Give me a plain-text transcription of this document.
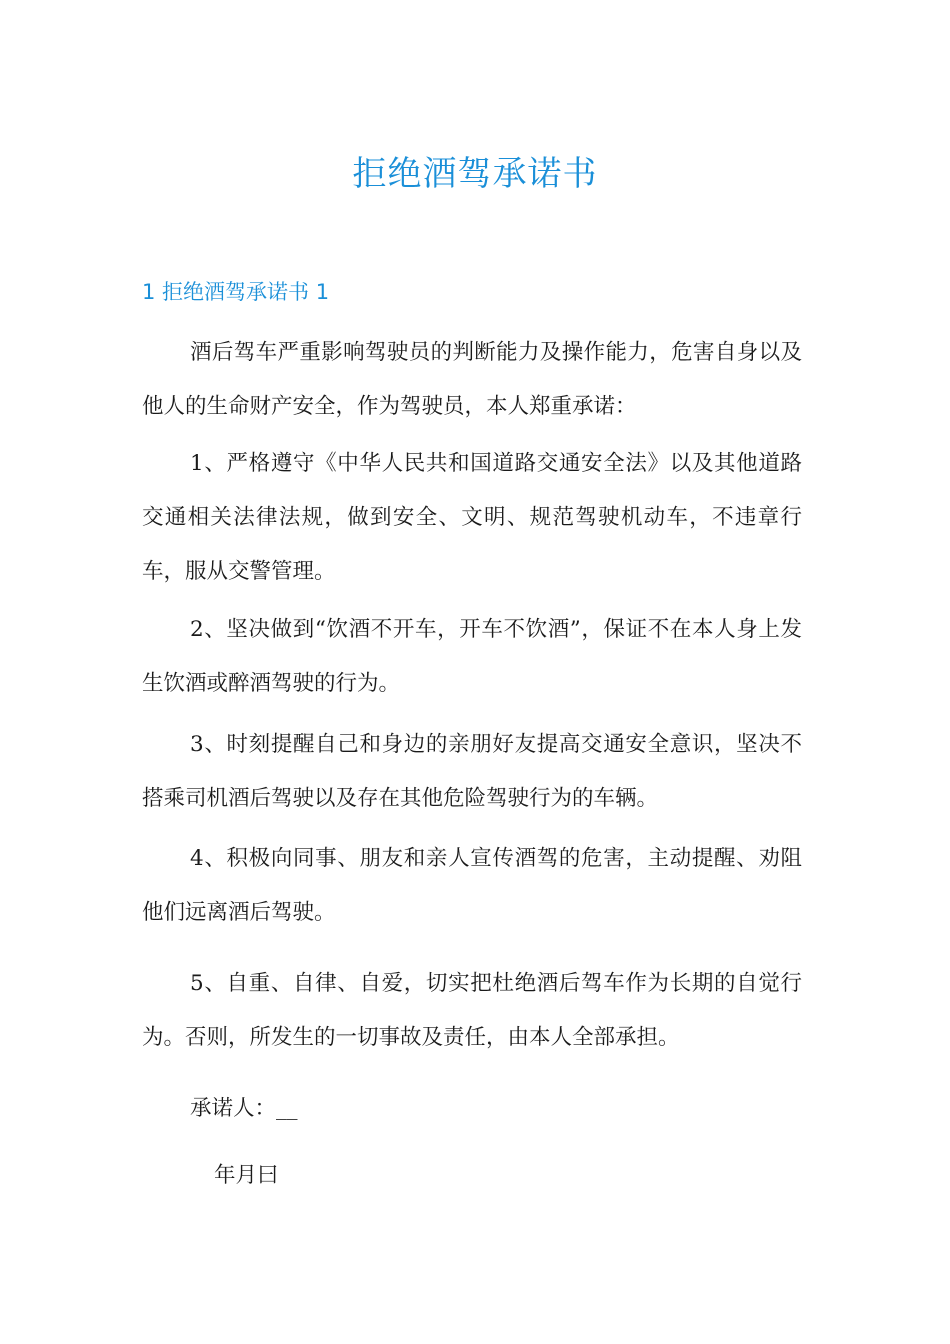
拒绝酒驾承诺书
1 拒绝酒驾承诺书 1

酒后驾车严重影响驾驶员的判断能力及操作能力，危害自身以及他人的生命财产安全，作为驾驶员，本人郑重承诺：

1、严格遵守《中华人民共和国道路交通安全法》以及其他道路交通相关法律法规，做到安全、文明、规范驾驶机动车，不违章行车，服从交警管理。

2、坚决做到“饮酒不开车，开车不饮酒”，保证不在本人身上发生饮酒或醉酒驾驶的行为。

3、时刻提醒自己和身边的亲朋好友提高交通安全意识，坚决不搭乘司机酒后驾驶以及存在其他危险驾驶行为的车辆。

4、积极向同事、朋友和亲人宣传酒驾的危害，主动提醒、劝阻他们远离酒后驾驶。

5、自重、自律、自爱，切实把杜绝酒后驾车作为长期的自觉行为。否则，所发生的一切事故及责任，由本人全部承担。

承诺人：__
年月曰
